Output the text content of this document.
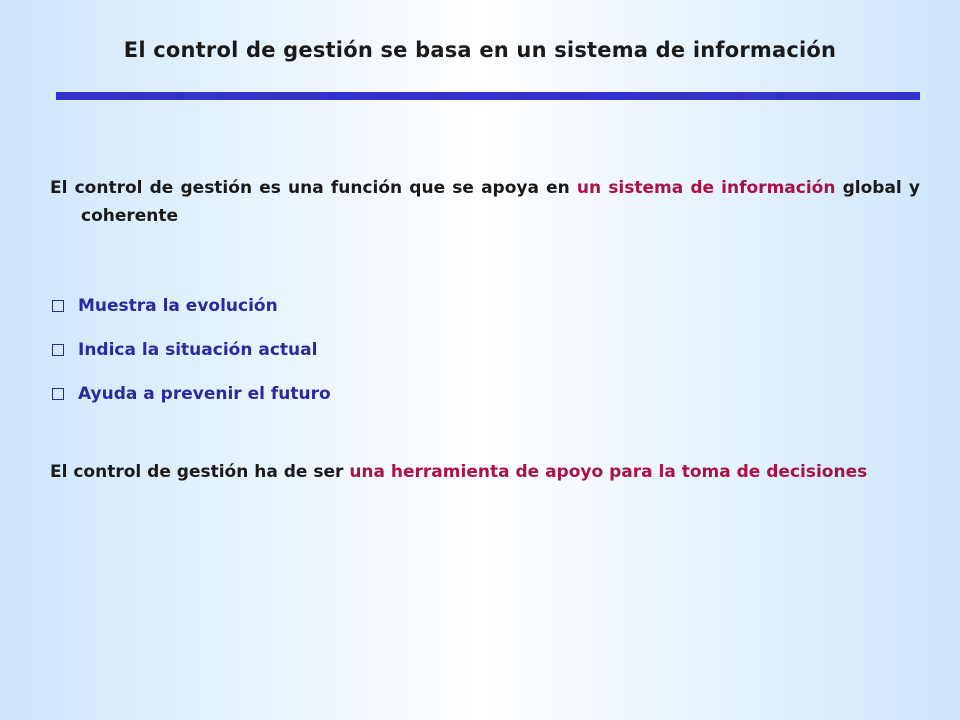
El control de gestión se basa en un sistema de información
El control de gestión es una función que se apoya en un sistema de información global y coherente
Muestra la evolución
Indica la situación actual
Ayuda a prevenir el futuro
El control de gestión ha de ser una herramienta de apoyo para la toma de decisiones
